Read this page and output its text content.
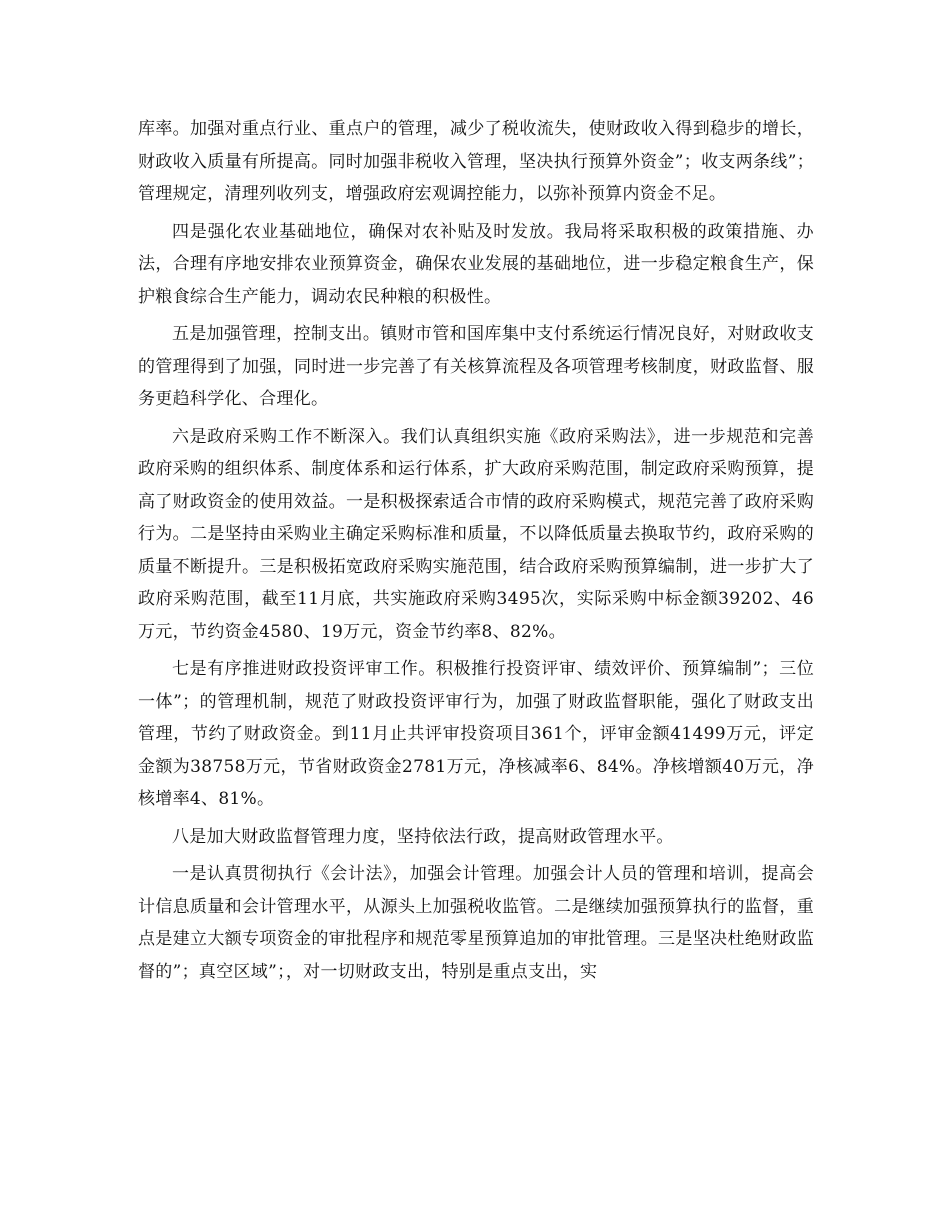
库率。加强对重点行业、重点户的管理，减少了税收流失，使财政收入得到稳步的增长，财政收入质量有所提高。同时加强非税收入管理，坚决执行预算外资金”；收支两条线”；管理规定，清理列收列支，增强政府宏观调控能力，以弥补预算内资金不足。

四是强化农业基础地位，确保对农补贴及时发放。我局将采取积极的政策措施、办法，合理有序地安排农业预算资金，确保农业发展的基础地位，进一步稳定粮食生产，保护粮食综合生产能力，调动农民种粮的积极性。

五是加强管理，控制支出。镇财市管和国库集中支付系统运行情况良好，对财政收支的管理得到了加强，同时进一步完善了有关核算流程及各项管理考核制度，财政监督、服务更趋科学化、合理化。

六是政府采购工作不断深入。我们认真组织实施《政府采购法》，进一步规范和完善政府采购的组织体系、制度体系和运行体系，扩大政府采购范围，制定政府采购预算，提高了财政资金的使用效益。一是积极探索适合市情的政府采购模式，规范完善了政府采购行为。二是坚持由采购业主确定采购标准和质量，不以降低质量去换取节约，政府采购的质量不断提升。三是积极拓宽政府采购实施范围，结合政府采购预算编制，进一步扩大了政府采购范围，截至11月底，共实施政府采购3495次，实际采购中标金额39202、46万元，节约资金4580、19万元，资金节约率8、82%。

七是有序推进财政投资评审工作。积极推行投资评审、绩效评价、预算编制”；三位一体”；的管理机制，规范了财政投资评审行为，加强了财政监督职能，强化了财政支出管理，节约了财政资金。到11月止共评审投资项目361个，评审金额41499万元，评定金额为38758万元，节省财政资金2781万元，净核减率6、84%。净核增额40万元，净核增率4、81%。

八是加大财政监督管理力度，坚持依法行政，提高财政管理水平。

一是认真贯彻执行《会计法》，加强会计管理。加强会计人员的管理和培训，提高会计信息质量和会计管理水平，从源头上加强税收监管。二是继续加强预算执行的监督，重点是建立大额专项资金的审批程序和规范零星预算追加的审批管理。三是坚决杜绝财政监督的”；真空区域”；，对一切财政支出，特别是重点支出，实
